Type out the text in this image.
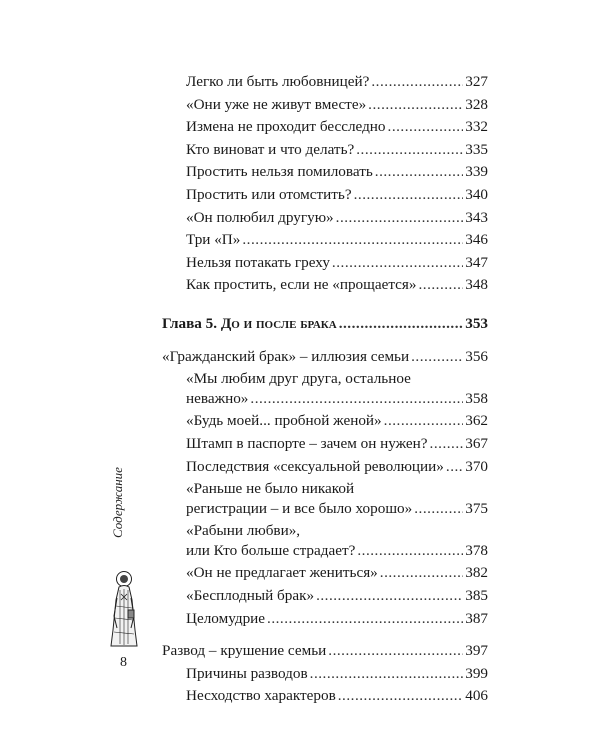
Легко ли быть любовницей? .....	327
«Они уже не живут вместе» .....	328
Измена не проходит бесследно .....	332
Кто виноват и что делать? .....	335
Простить нельзя помиловать .....	339
Простить или отомстить? .....	340
«Он полюбил другую» .....	343
Три «П» .....	346
Нельзя потакать греху .....	347
Как простить, если не «прощается» .....	348
Глава 5.
До и после брака .....	353
«Гражданский брак» – иллюзия семьи .....	356
«Мы любим друг друга, остальное
неважно» .....	358
«Будь моей... пробной женой» .....	362
Штамп в паспорте – зачем он нужен? ..... 367
Последствия «сексуальной революции» ..... 370
«Раньше не было никакой
регистрации – и все было хорошо» .....	375
«Рабыни любви»,
или Кто больше страдает? .....	378
«Он не предлагает жениться» .....	382
«Бесплодный брак» .....	385
Целомудрие .....	387
Развод – крушение семьи .....	397
Причины разводов .....	399
Несходство характеров .....	406
Содержание
8
